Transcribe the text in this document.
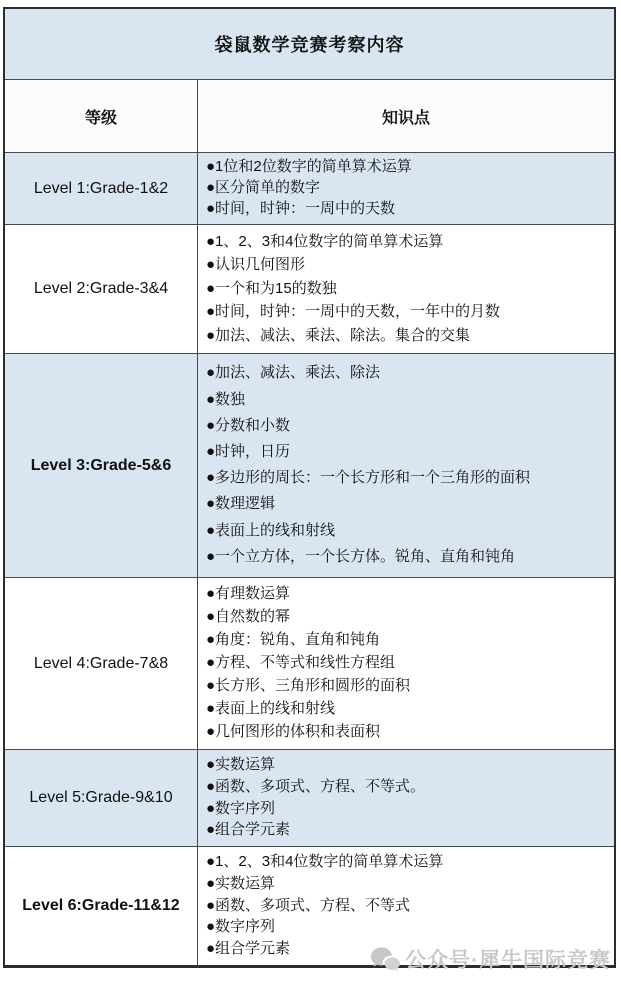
袋鼠数学竞赛考察内容
等级	知识点
Level 1:Grade-1&2
●1位和2位数字的简单算术运算
●区分简单的数字
●时间，时钟：一周中的天数
Level 2:Grade-3&4
●1、2、3和4位数字的简单算术运算
●认识几何图形
●一个和为15的数独
●时间，时钟：一周中的天数，一年中的月数
●加法、减法、乘法、除法。集合的交集
Level 3:Grade-5&6
●加法、减法、乘法、除法
●数独
●分数和小数
●时钟，日历
●多边形的周长：一个长方形和一个三角形的面积
●数理逻辑
●表面上的线和射线
●一个立方体，一个长方体。锐角、直角和钝角
Level 4:Grade-7&8
●有理数运算
●自然数的幂
●角度：锐角、直角和钝角
●方程、不等式和线性方程组
●长方形、三角形和圆形的面积
●表面上的线和射线
●几何图形的体积和表面积
Level 5:Grade-9&10
●实数运算
●函数、多项式、方程、不等式。
●数字序列
●组合学元素
Level 6:Grade-11&12
●1、2、3和4位数字的简单算术运算
●实数运算
●函数、多项式、方程、不等式
●数字序列
●组合学元素
公众号·犀牛国际竞赛
